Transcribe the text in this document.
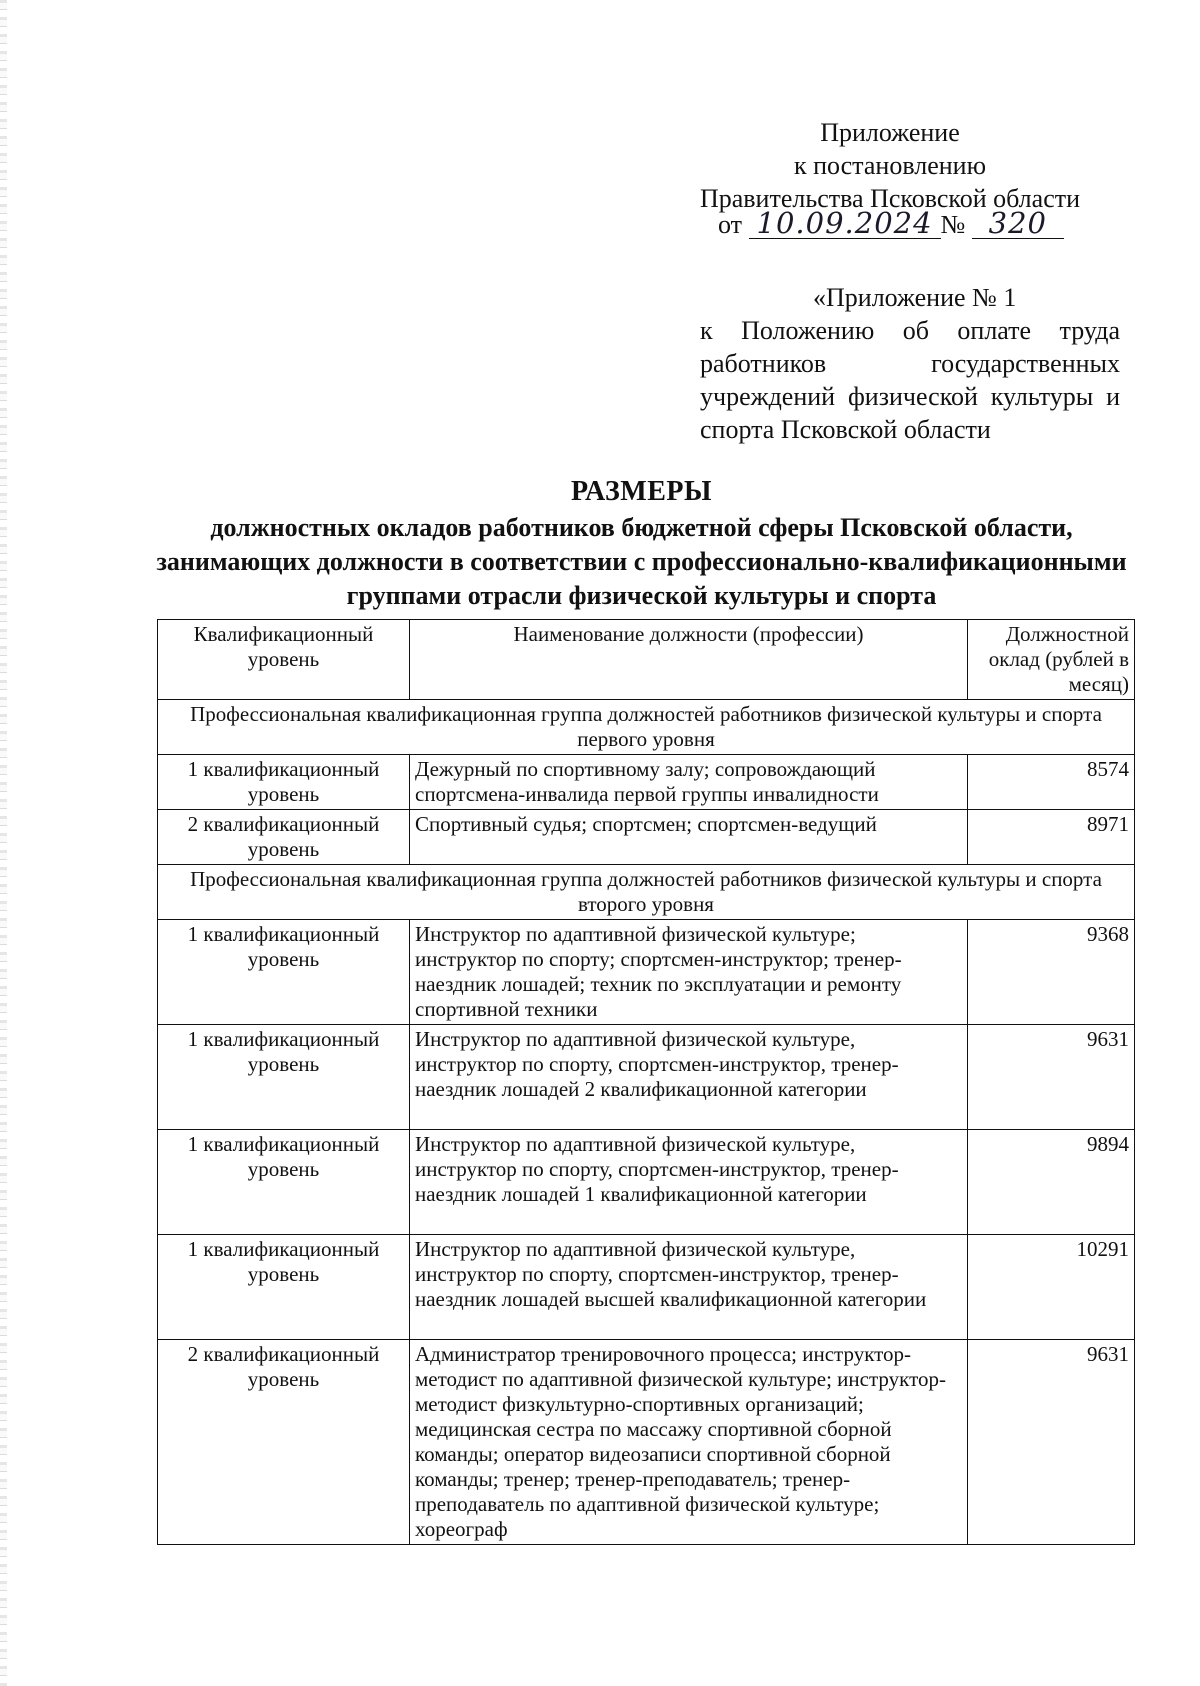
Приложение
к постановлению
Правительства Псковской области
от 10.09.2024 № 320
«Приложение № 1
к Положению об оплате труда работников государственных учреждений физической культуры и спорта Псковской области
РАЗМЕРЫ
должностных окладов работников бюджетной сферы Псковской области, занимающих должности в соответствии с профессионально-квалификационными группами отрасли физической культуры и спорта
Квалификационный уровень	Наименование должности (профессии)	Должностной оклад (рублей в месяц)
Профессиональная квалификационная группа должностей работников физической культуры и спорта первого уровня		
1 квалификационный уровень	Дежурный по спортивному залу; сопровождающий спортсмена-инвалида первой группы инвалидности	8574
2 квалификационный уровень	Спортивный судья; спортсмен; спортсмен-ведущий	8971
Профессиональная квалификационная группа должностей работников физической культуры и спорта второго уровня		
1 квалификационный уровень	Инструктор по адаптивной физической культуре; инструктор по спорту; спортсмен-инструктор; тренер-наездник лошадей; техник по эксплуатации и ремонту спортивной техники	9368
1 квалификационный уровень	Инструктор по адаптивной физической культуре, инструктор по спорту, спортсмен-инструктор, тренер-наездник лошадей 2 квалификационной категории	9631
1 квалификационный уровень	Инструктор по адаптивной физической культуре, инструктор по спорту, спортсмен-инструктор, тренер-наездник лошадей 1 квалификационной категории	9894
1 квалификационный уровень	Инструктор по адаптивной физической культуре, инструктор по спорту, спортсмен-инструктор, тренер-наездник лошадей высшей квалификационной категории	10291
2 квалификационный уровень	Администратор тренировочного процесса; инструктор-методист по адаптивной физической культуре; инструктор-методист физкультурно-спортивных организаций; медицинская сестра по массажу спортивной сборной команды; оператор видеозаписи спортивной сборной команды; тренер; тренер-преподаватель; тренер-преподаватель по адаптивной физической культуре; хореограф	9631
